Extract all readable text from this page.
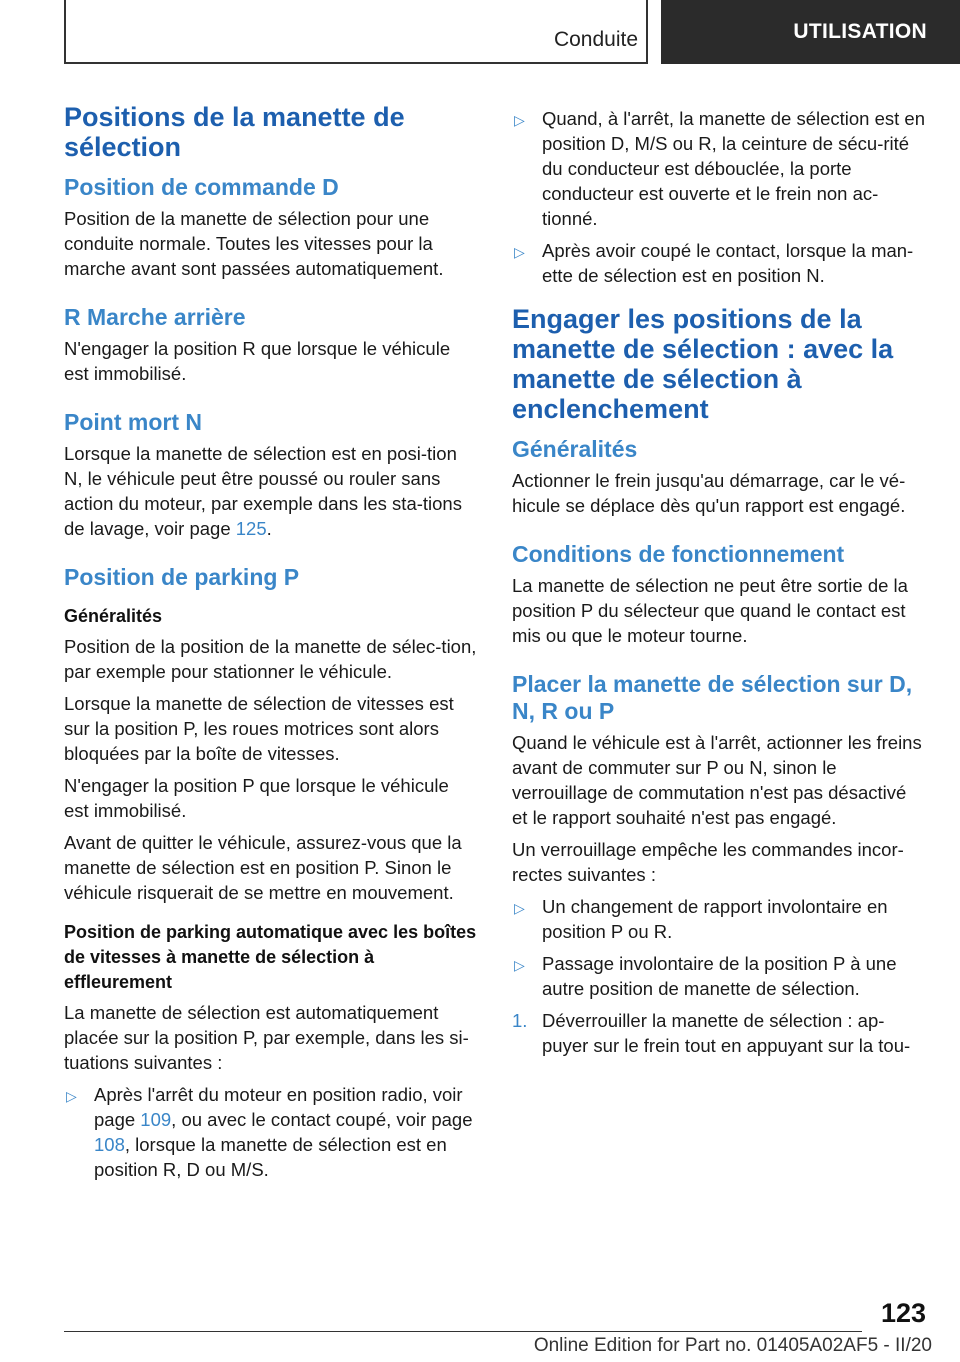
Conduite	UTILISATION
Positions de la manette de sélection
Position de commande D

Position de la manette de sélection pour une conduite normale. Toutes les vitesses pour la marche avant sont passées automatiquement.

R Marche arrière

N'engager la position R que lorsque le véhicule est immobilisé.

Point mort N

Lorsque la manette de sélection est en posi-tion N, le véhicule peut être poussé ou rouler sans action du moteur, par exemple dans les sta-tions de lavage, voir page 125.

Position de parking P
Généralités

Position de la position de la manette de sélec-tion, par exemple pour stationner le véhicule.

Lorsque la manette de sélection de vitesses est sur la position P, les roues motrices sont alors bloquées par la boîte de vitesses.

N'engager la position P que lorsque le véhicule est immobilisé.

Avant de quitter le véhicule, assurez-vous que la manette de sélection est en position P. Sinon le véhicule risquerait de se mettre en mouvement.

Position de parking automatique avec les boîtes de vitesses à manette de sélection à effleurement

La manette de sélection est automatiquement placée sur la position P, par exemple, dans les si-tuations suivantes :

▷ Après l'arrêt du moteur en position radio, voir page 109, ou avec le contact coupé, voir page 108, lorsque la manette de sélection est en position R, D ou M/S.
▷ Quand, à l'arrêt, la manette de sélection est en position D, M/S ou R, la ceinture de sécu-rité du conducteur est débouclée, la porte conducteur est ouverte et le frein non ac-tionné.
▷ Après avoir coupé le contact, lorsque la man-ette de sélection est en position N.
Engager les positions de la manette de sélection : avec la manette de sélection à enclenchement
Généralités

Actionner le frein jusqu'au démarrage, car le vé-hicule se déplace dès qu'un rapport est engagé.

Conditions de fonctionnement

La manette de sélection ne peut être sortie de la position P du sélecteur que quand le contact est mis ou que le moteur tourne.

Placer la manette de sélection sur D, N, R ou P

Quand le véhicule est à l'arrêt, actionner les freins avant de commuter sur P ou N, sinon le verrouillage de commutation n'est pas désactivé et le rapport souhaité n'est pas engagé.

Un verrouillage empêche les commandes incor-rectes suivantes :

▷ Un changement de rapport involontaire en position P ou R.
▷ Passage involontaire de la position P à une autre position de manette de sélection.
1. Déverrouiller la manette de sélection : ap-puyer sur le frein tout en appuyant sur la tou-
123
Online Edition for Part no. 01405A02AF5 - II/20
